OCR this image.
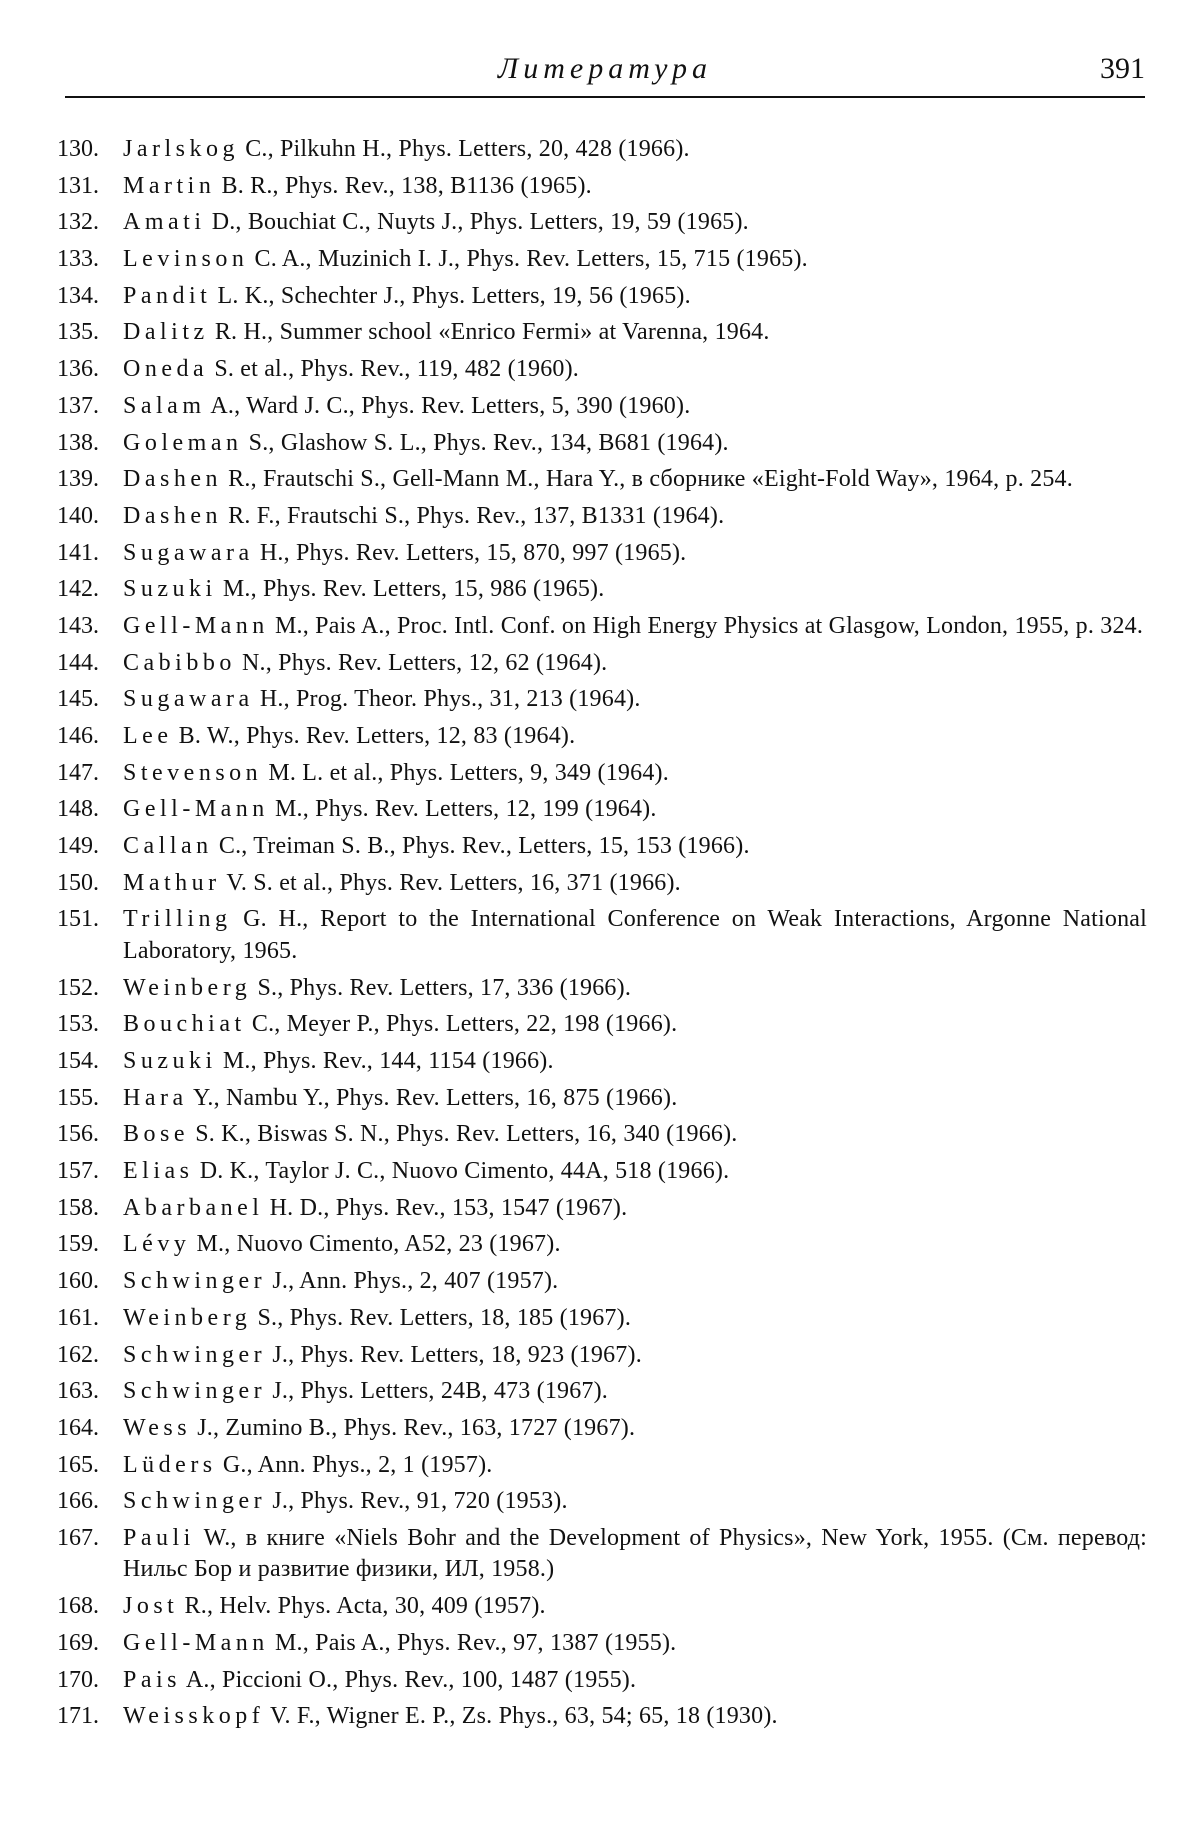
Литература	391
130.	Jarlskog C., Pilkuhn H., Phys. Letters, 20, 428 (1966).
131.	Martin B. R., Phys. Rev., 138, B1136 (1965).
132.	Amati D., Bouchiat C., Nuyts J., Phys. Letters, 19, 59 (1965).
133.	Levinson C. A., Muzinich I. J., Phys. Rev. Letters, 15, 715 (1965).
134.	Pandit L. K., Schechter J., Phys. Letters, 19, 56 (1965).
135.	Dalitz R. H., Summer school «Enrico Fermi» at Varenna, 1964.
136.	Oneda S. et al., Phys. Rev., 119, 482 (1960).
137.	Salam A., Ward J. C., Phys. Rev. Letters, 5, 390 (1960).
138.	Goleman S., Glashow S. L., Phys. Rev., 134, B681 (1964).
139.	Dashen R., Frautschi S., Gell-Mann M., Hara Y., в сборнике «Eight-Fold Way», 1964, p. 254.
140.	Dashen R. F., Frautschi S., Phys. Rev., 137, B1331 (1964).
141.	Sugawara H., Phys. Rev. Letters, 15, 870, 997 (1965).
142.	Suzuki M., Phys. Rev. Letters, 15, 986 (1965).
143.	Gell-Mann M., Pais A., Proc. Intl. Conf. on High Energy Physics at Glasgow, London, 1955, p. 324.
144.	Cabibbo N., Phys. Rev. Letters, 12, 62 (1964).
145.	Sugawara H., Prog. Theor. Phys., 31, 213 (1964).
146.	Lee B. W., Phys. Rev. Letters, 12, 83 (1964).
147.	Stevenson M. L. et al., Phys. Letters, 9, 349 (1964).
148.	Gell-Mann M., Phys. Rev. Letters, 12, 199 (1964).
149.	Callan C., Treiman S. B., Phys. Rev., Letters, 15, 153 (1966).
150.	Mathur V. S. et al., Phys. Rev. Letters, 16, 371 (1966).
151.	Trilling G. H., Report to the International Conference on Weak Interactions, Argonne National Laboratory, 1965.
152.	Weinberg S., Phys. Rev. Letters, 17, 336 (1966).
153.	Bouchiat C., Meyer P., Phys. Letters, 22, 198 (1966).
154.	Suzuki M., Phys. Rev., 144, 1154 (1966).
155.	Hara Y., Nambu Y., Phys. Rev. Letters, 16, 875 (1966).
156.	Bose S. K., Biswas S. N., Phys. Rev. Letters, 16, 340 (1966).
157.	Elias D. K., Taylor J. C., Nuovo Cimento, 44A, 518 (1966).
158.	Abarbanel H. D., Phys. Rev., 153, 1547 (1967).
159.	Lévy M., Nuovo Cimento, A52, 23 (1967).
160.	Schwinger J., Ann. Phys., 2, 407 (1957).
161.	Weinberg S., Phys. Rev. Letters, 18, 185 (1967).
162.	Schwinger J., Phys. Rev. Letters, 18, 923 (1967).
163.	Schwinger J., Phys. Letters, 24B, 473 (1967).
164.	Wess J., Zumino B., Phys. Rev., 163, 1727 (1967).
165.	Lüders G., Ann. Phys., 2, 1 (1957).
166.	Schwinger J., Phys. Rev., 91, 720 (1953).
167.	Pauli W., в книге «Niels Bohr and the Development of Physics», New York, 1955. (См. перевод: Нильс Бор и развитие физики, ИЛ, 1958.)
168.	Jost R., Helv. Phys. Acta, 30, 409 (1957).
169.	Gell-Mann M., Pais A., Phys. Rev., 97, 1387 (1955).
170.	Pais A., Piccioni O., Phys. Rev., 100, 1487 (1955).
171.	Weisskopf V. F., Wigner E. P., Zs. Phys., 63, 54; 65, 18 (1930).
